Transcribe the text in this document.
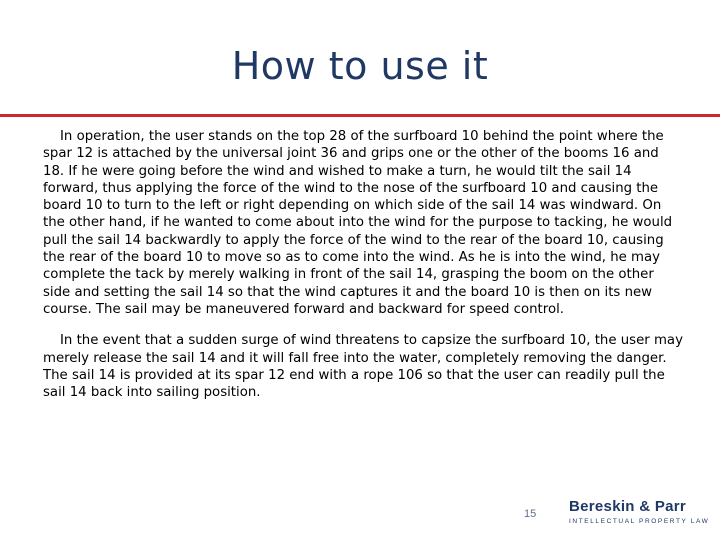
How to use it

In operation, the user stands on the top 28 of the surfboard 10 behind the point where the spar 12 is attached by the universal joint 36 and grips one or the other of the booms 16 and 18. If he were going before the wind and wished to make a turn, he would tilt the sail 14 forward, thus applying the force of the wind to the nose of the surfboard 10 and causing the board 10 to turn to the left or right depending on which side of the sail 14 was windward. On the other hand, if he wanted to come about into the wind for the purpose to tacking, he would pull the sail 14 backwardly to apply the force of the wind to the rear of the board 10, causing the rear of the board 10 to move so as to come into the wind. As he is into the wind, he may complete the tack by merely walking in front of the sail 14, grasping the boom on the other side and setting the sail 14 so that the wind captures it and the board 10 is then on its new course. The sail may be maneuvered forward and backward for speed control.

In the event that a sudden surge of wind threatens to capsize the surfboard 10, the user may merely release the sail 14 and it will fall free into the water, completely removing the danger. The sail 14 is provided at its spar 12 end with a rope 106 so that the user can readily pull the sail 14 back into sailing position.

15 Bereskin & Parr
INTELLECTUAL PROPERTY LAW
